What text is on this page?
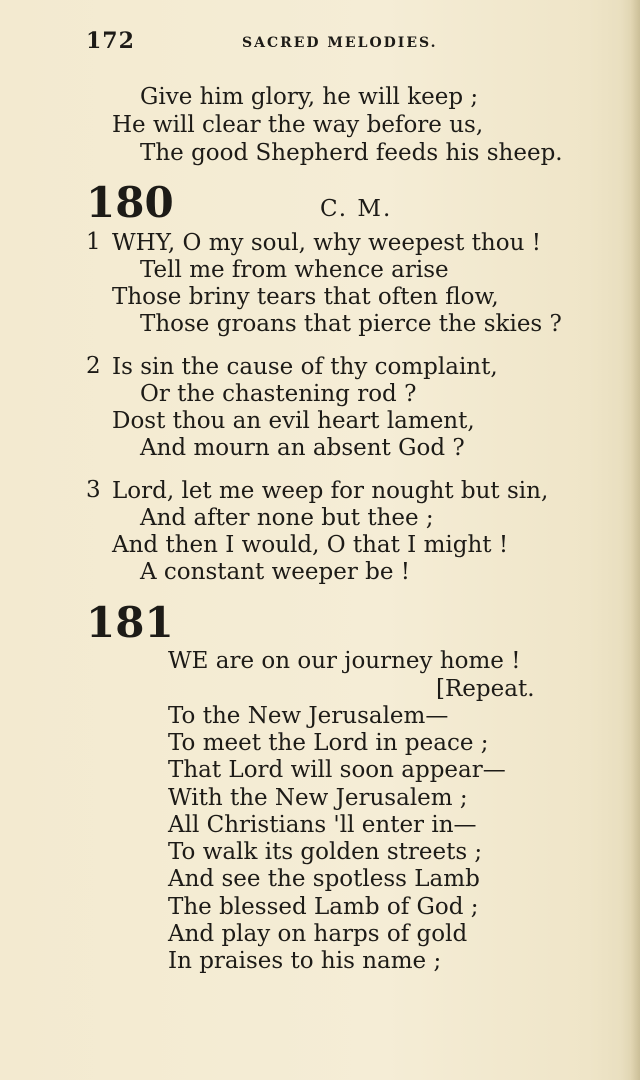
172	SACRED MELODIES.
Give him glory, he will keep ;
He will clear the way before us,
The good Shepherd feeds his sheep.
180	C. M.
1 WHY, O my soul, why weepest thou !
Tell me from whence arise
Those briny tears that often flow,
Those groans that pierce the skies ?
2 Is sin the cause of thy complaint,
Or the chastening rod ?
Dost thou an evil heart lament,
And mourn an absent God ?
3 Lord, let me weep for nought but sin,
And after none but thee ;
And then I would, O that I might !
A constant weeper be !
181
WE are on our journey home !
[Repeat.
To the New Jerusalem—
To meet the Lord in peace ;
That Lord will soon appear—
With the New Jerusalem ;
All Christians 'll enter in—
To walk its golden streets ;
And see the spotless Lamb
The blessed Lamb of God ;
And play on harps of gold
In praises to his name ;
